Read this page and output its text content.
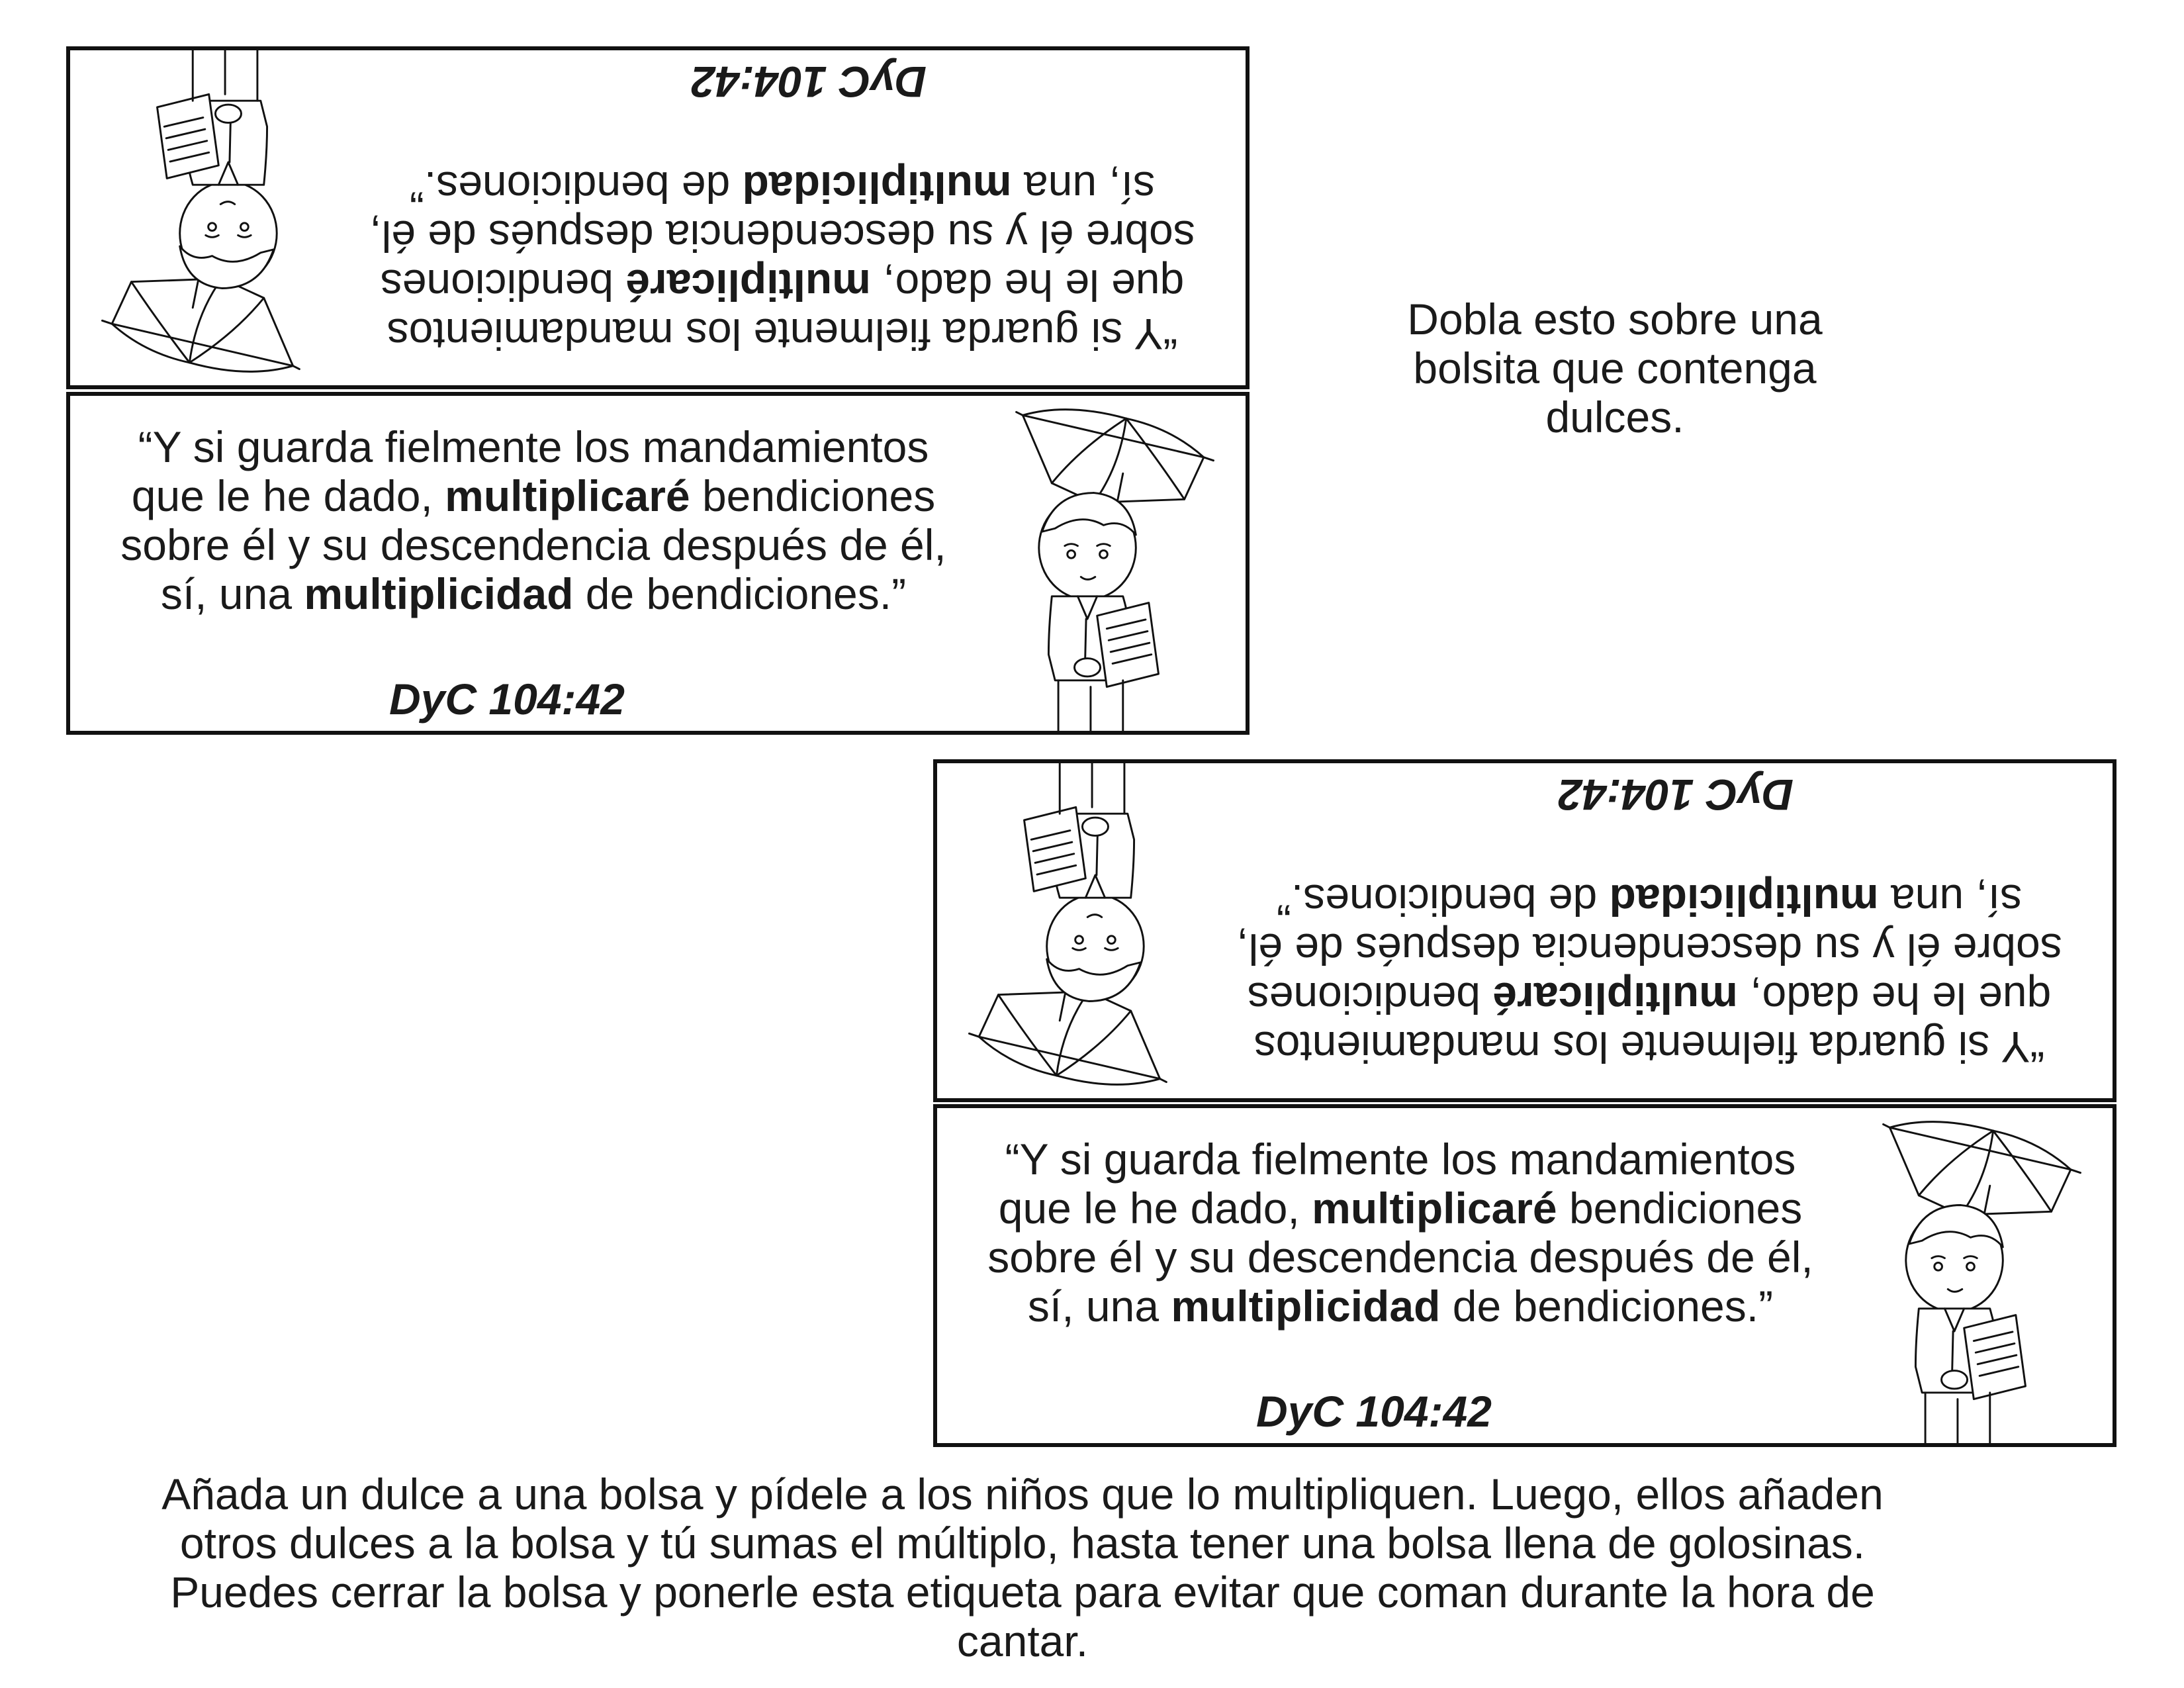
“Y si guarda fielmente los mandamientos
que le he dado, multiplicaré bendiciones
sobre él y su descendencia después de él,
sí, una multiplicidad de bendiciones.”

DyC 104:42

“Y si guarda fielmente los mandamientos
que le he dado, multiplicaré bendiciones
sobre él y su descendencia después de él,
sí, una multiplicidad de bendiciones.”

DyC 104:42
Dobla esto sobre una
bolsita que contenga
dulces.

“Y si guarda fielmente los mandamientos
que le he dado, multiplicaré bendiciones
sobre él y su descendencia después de él,
sí, una multiplicidad de bendiciones.”

DyC 104:42

“Y si guarda fielmente los mandamientos
que le he dado, multiplicaré bendiciones
sobre él y su descendencia después de él,
sí, una multiplicidad de bendiciones.”

DyC 104:42
Añada un dulce a una bolsa y pídele a los niños que lo multipliquen. Luego, ellos añaden
otros dulces a la bolsa y tú sumas el múltiplo, hasta tener una bolsa llena de golosinas.
Puedes cerrar la bolsa y ponerle esta etiqueta para evitar que coman durante la hora de
cantar.
